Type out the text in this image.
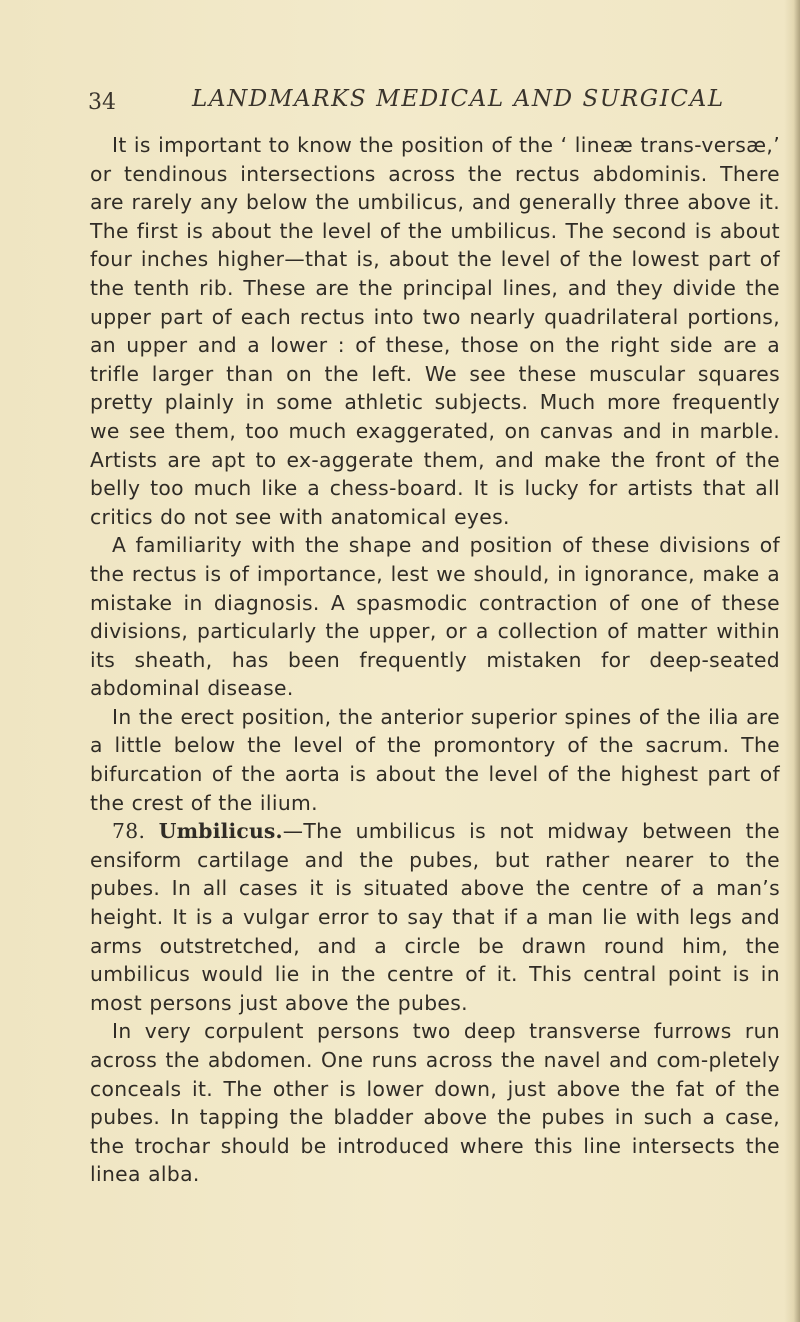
34	LANDMARKS MEDICAL AND SURGICAL

It is important to know the position of the ‘ lineæ trans-versæ,’ or tendinous intersections across the rectus abdominis. There are rarely any below the umbilicus, and generally three above it. The first is about the level of the umbilicus. The second is about four inches higher—that is, about the level of the lowest part of the tenth rib. These are the principal lines, and they divide the upper part of each rectus into two nearly quadrilateral portions, an upper and a lower : of these, those on the right side are a trifle larger than on the left. We see these muscular squares pretty plainly in some athletic subjects. Much more frequently we see them, too much exaggerated, on canvas and in marble. Artists are apt to ex-aggerate them, and make the front of the belly too much like a chess-board. It is lucky for artists that all critics do not see with anatomical eyes.

A familiarity with the shape and position of these divisions of the rectus is of importance, lest we should, in ignorance, make a mistake in diagnosis. A spasmodic contraction of one of these divisions, particularly the upper, or a collection of matter within its sheath, has been frequently mistaken for deep-seated abdominal disease.

In the erect position, the anterior superior spines of the ilia are a little below the level of the promontory of the sacrum. The bifurcation of the aorta is about the level of the highest part of the crest of the ilium.

78. Umbilicus.—The umbilicus is not midway between the ensiform cartilage and the pubes, but rather nearer to the pubes. In all cases it is situated above the centre of a man’s height. It is a vulgar error to say that if a man lie with legs and arms outstretched, and a circle be drawn round him, the umbilicus would lie in the centre of it. This central point is in most persons just above the pubes.

In very corpulent persons two deep transverse furrows run across the abdomen. One runs across the navel and com-pletely conceals it. The other is lower down, just above the fat of the pubes. In tapping the bladder above the pubes in such a case, the trochar should be introduced where this line intersects the linea alba.
